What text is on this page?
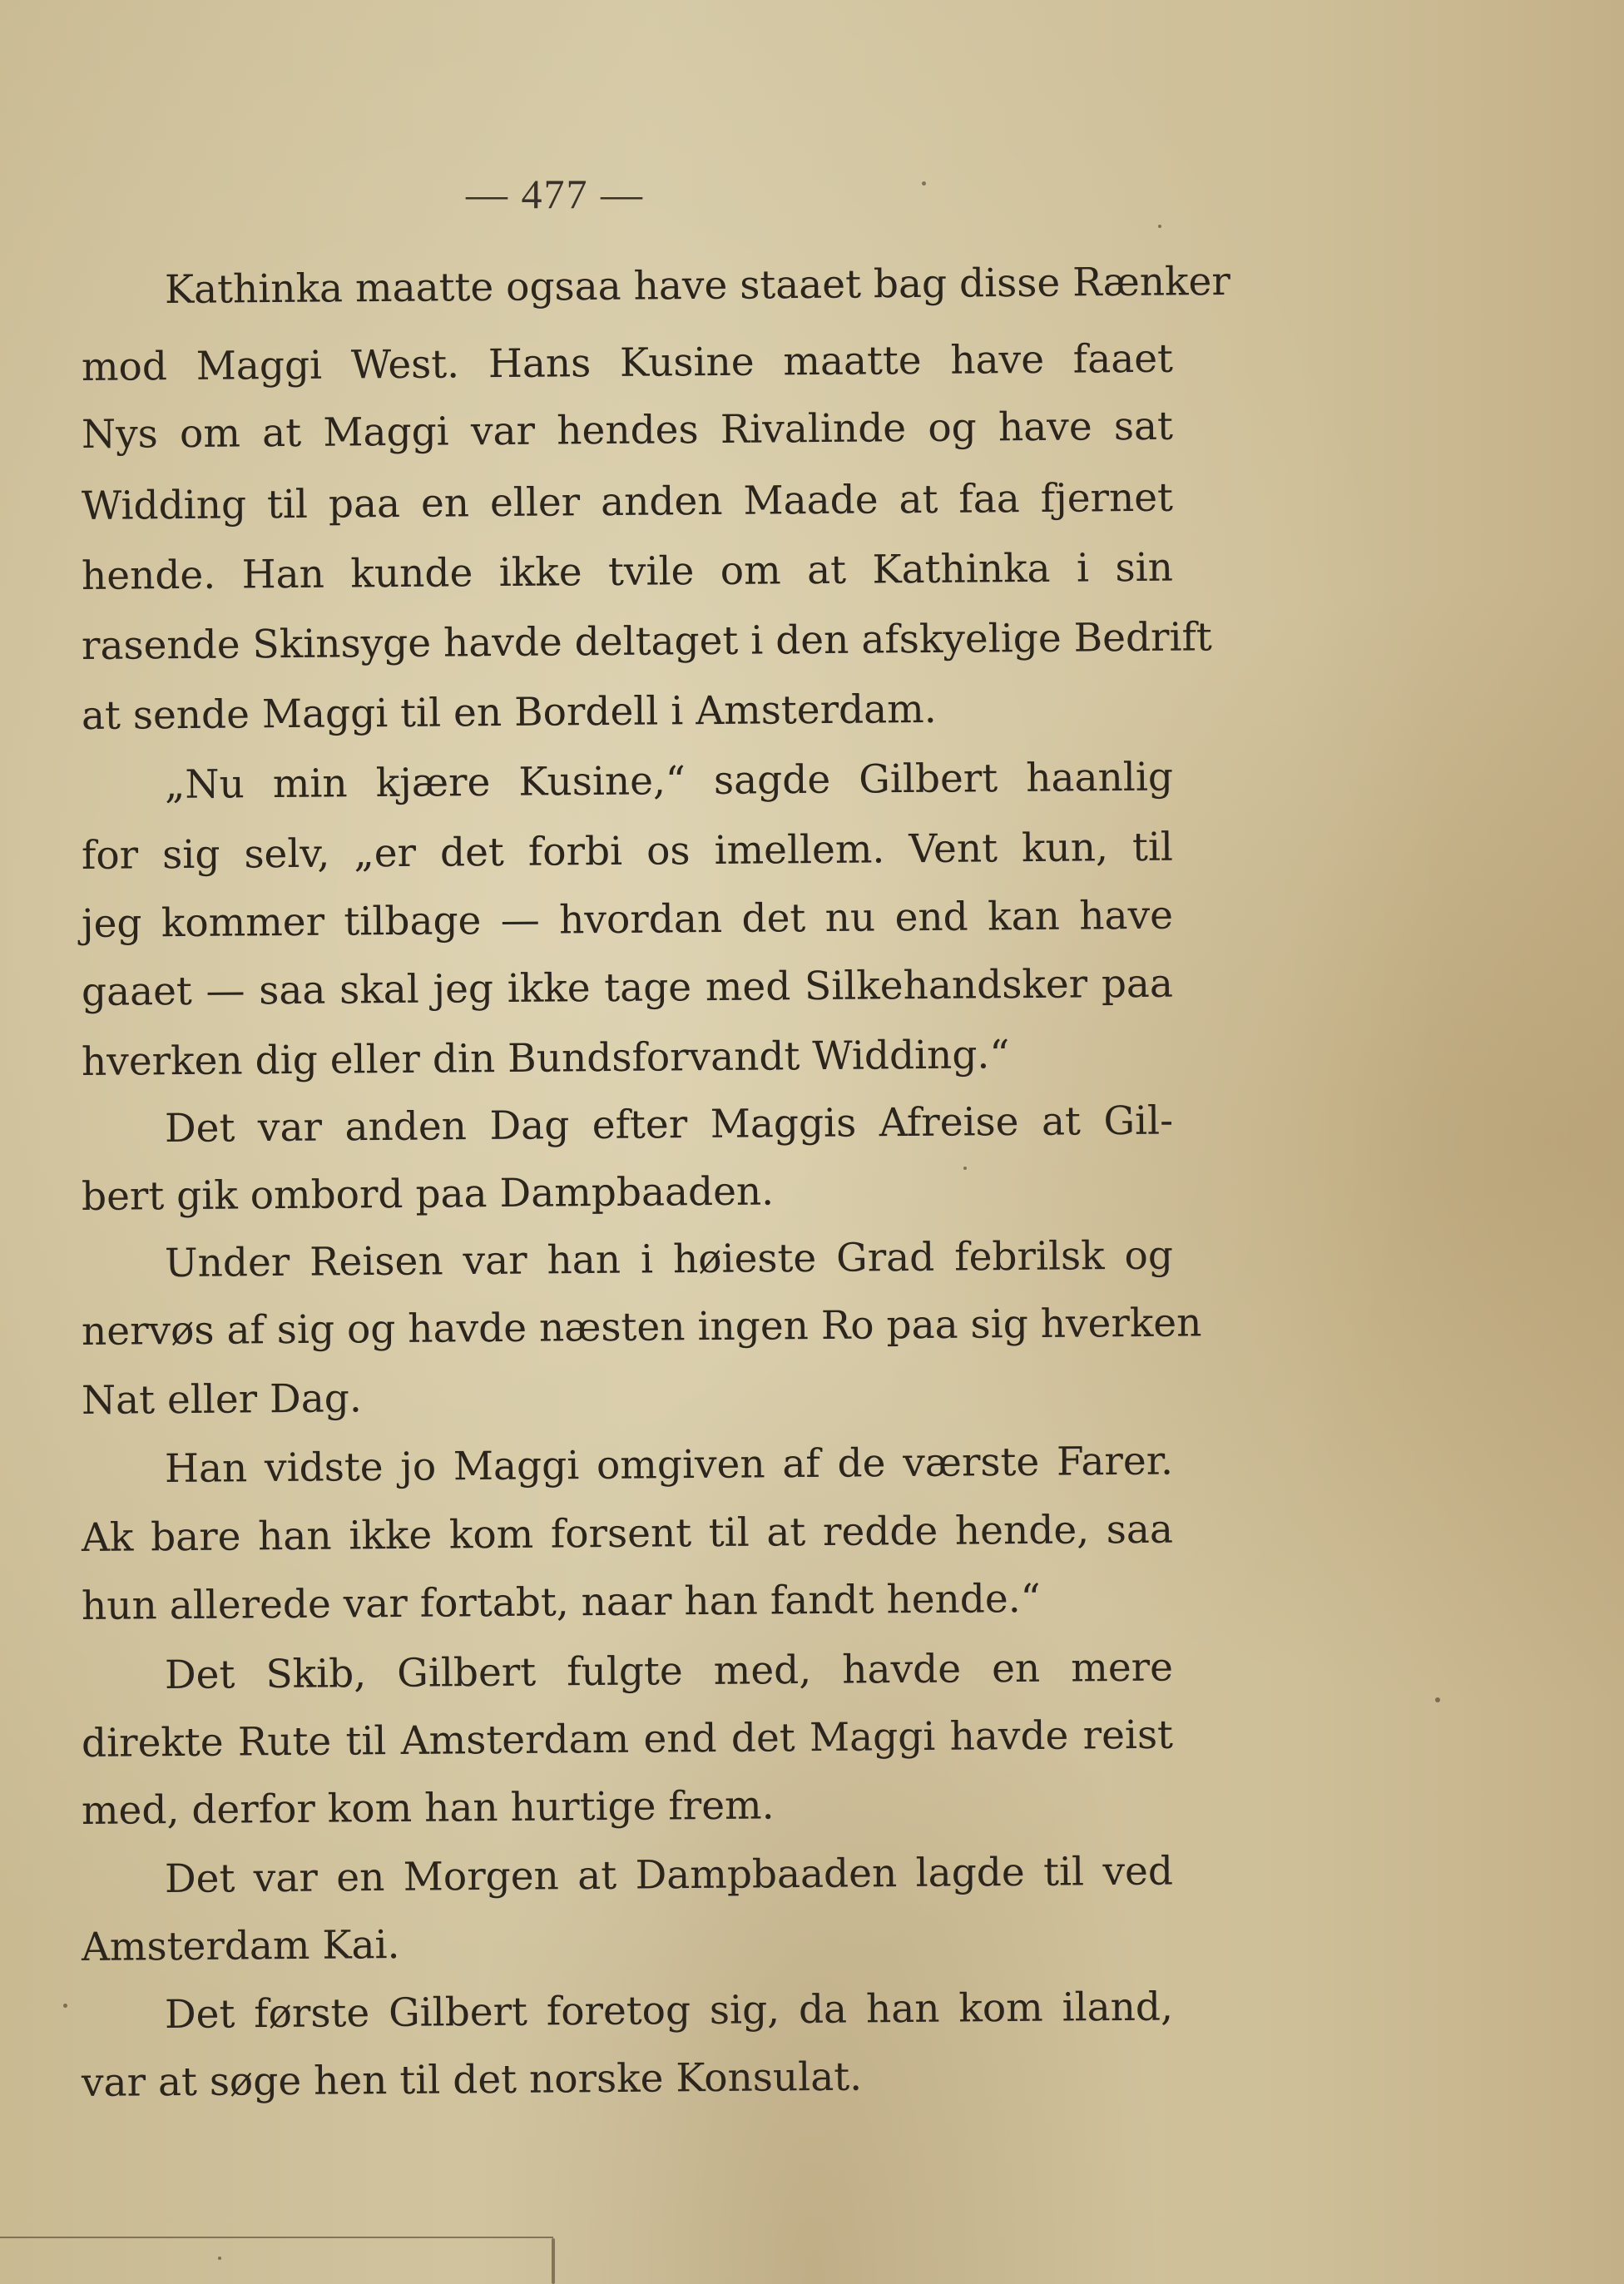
— 477 —
Kathinka maatte ogsaa have staaet bag disse Rænker
mod Maggi West. Hans Kusine maatte have faaet
Nys om at Maggi var hendes Rivalinde og have sat
Widding til paa en eller anden Maade at faa fjernet
hende. Han kunde ikke tvile om at Kathinka i sin
rasende Skinsyge havde deltaget i den afskyelige Bedrift
at sende Maggi til en Bordell i Amsterdam.
„Nu min kjære Kusine,“ sagde Gilbert haanlig
for sig selv, „er det forbi os imellem. Vent kun, til
jeg kommer tilbage — hvordan det nu end kan have
gaaet — saa skal jeg ikke tage med Silkehandsker paa
hverken dig eller din Bundsforvandt Widding.“
Det var anden Dag efter Maggis Afreise at Gil-
bert gik ombord paa Dampbaaden.
Under Reisen var han i høieste Grad febrilsk og
nervøs af sig og havde næsten ingen Ro paa sig hverken
Nat eller Dag.
Han vidste jo Maggi omgiven af de værste Farer.
Ak bare han ikke kom forsent til at redde hende, saa
hun allerede var fortabt, naar han fandt hende.“
Det Skib, Gilbert fulgte med, havde en mere
direkte Rute til Amsterdam end det Maggi havde reist
med, derfor kom han hurtige frem.
Det var en Morgen at Dampbaaden lagde til ved
Amsterdam Kai.
Det første Gilbert foretog sig, da han kom iland,
var at søge hen til det norske Konsulat.
